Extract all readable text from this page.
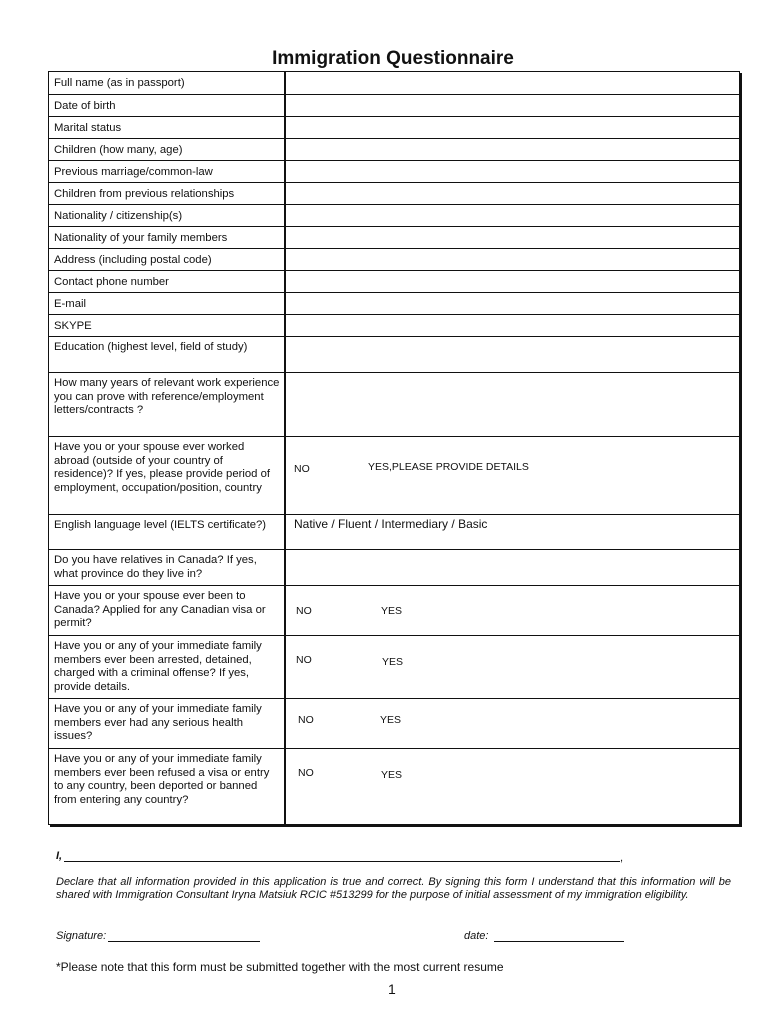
Immigration Questionnaire
Full name (as in passport)	
Date of birth	
Marital status	
Children (how many, age)	
Previous marriage/common-law	
Children from previous relationships	
Nationality / citizenship(s)	
Nationality of your family members	
Address (including postal code)	
Contact phone number	
E-mail	
SKYPE	
Education (highest level, field of study)	
How many years of relevant work experience you can prove with reference/employment letters/contracts ?	
Have you or your spouse ever worked abroad (outside of your country of residence)? If yes, please provide period of employment, occupation/position, country	NO YES,PLEASE PROVIDE DETAILS

English language level (IELTS certificate?)	Native / Fluent / Intermediary / Basic

Do you have relatives in Canada? If yes, what province do they live in?	
Have you or your spouse ever been to Canada? Applied for any Canadian visa or permit?	NO YES

Have you or any of your immediate family members ever been arrested, detained, charged with a criminal offense? If yes, provide details.	NO YES

Have you or any of your immediate family members ever had any serious health issues?	NO YES

Have you or any of your immediate family members ever been refused a visa or entry to any country, been deported or banned from entering any country?	NO YES
I,	,
Declare that all information provided in this application is true and correct. By signing this form I understand that this information will be shared with Immigration Consultant Iryna Matsiuk RCIC #513299 for the purpose of initial assessment of my immigration eligibility.
Signature:	date:
*Please note that this form must be submitted together with the most current resume
1
